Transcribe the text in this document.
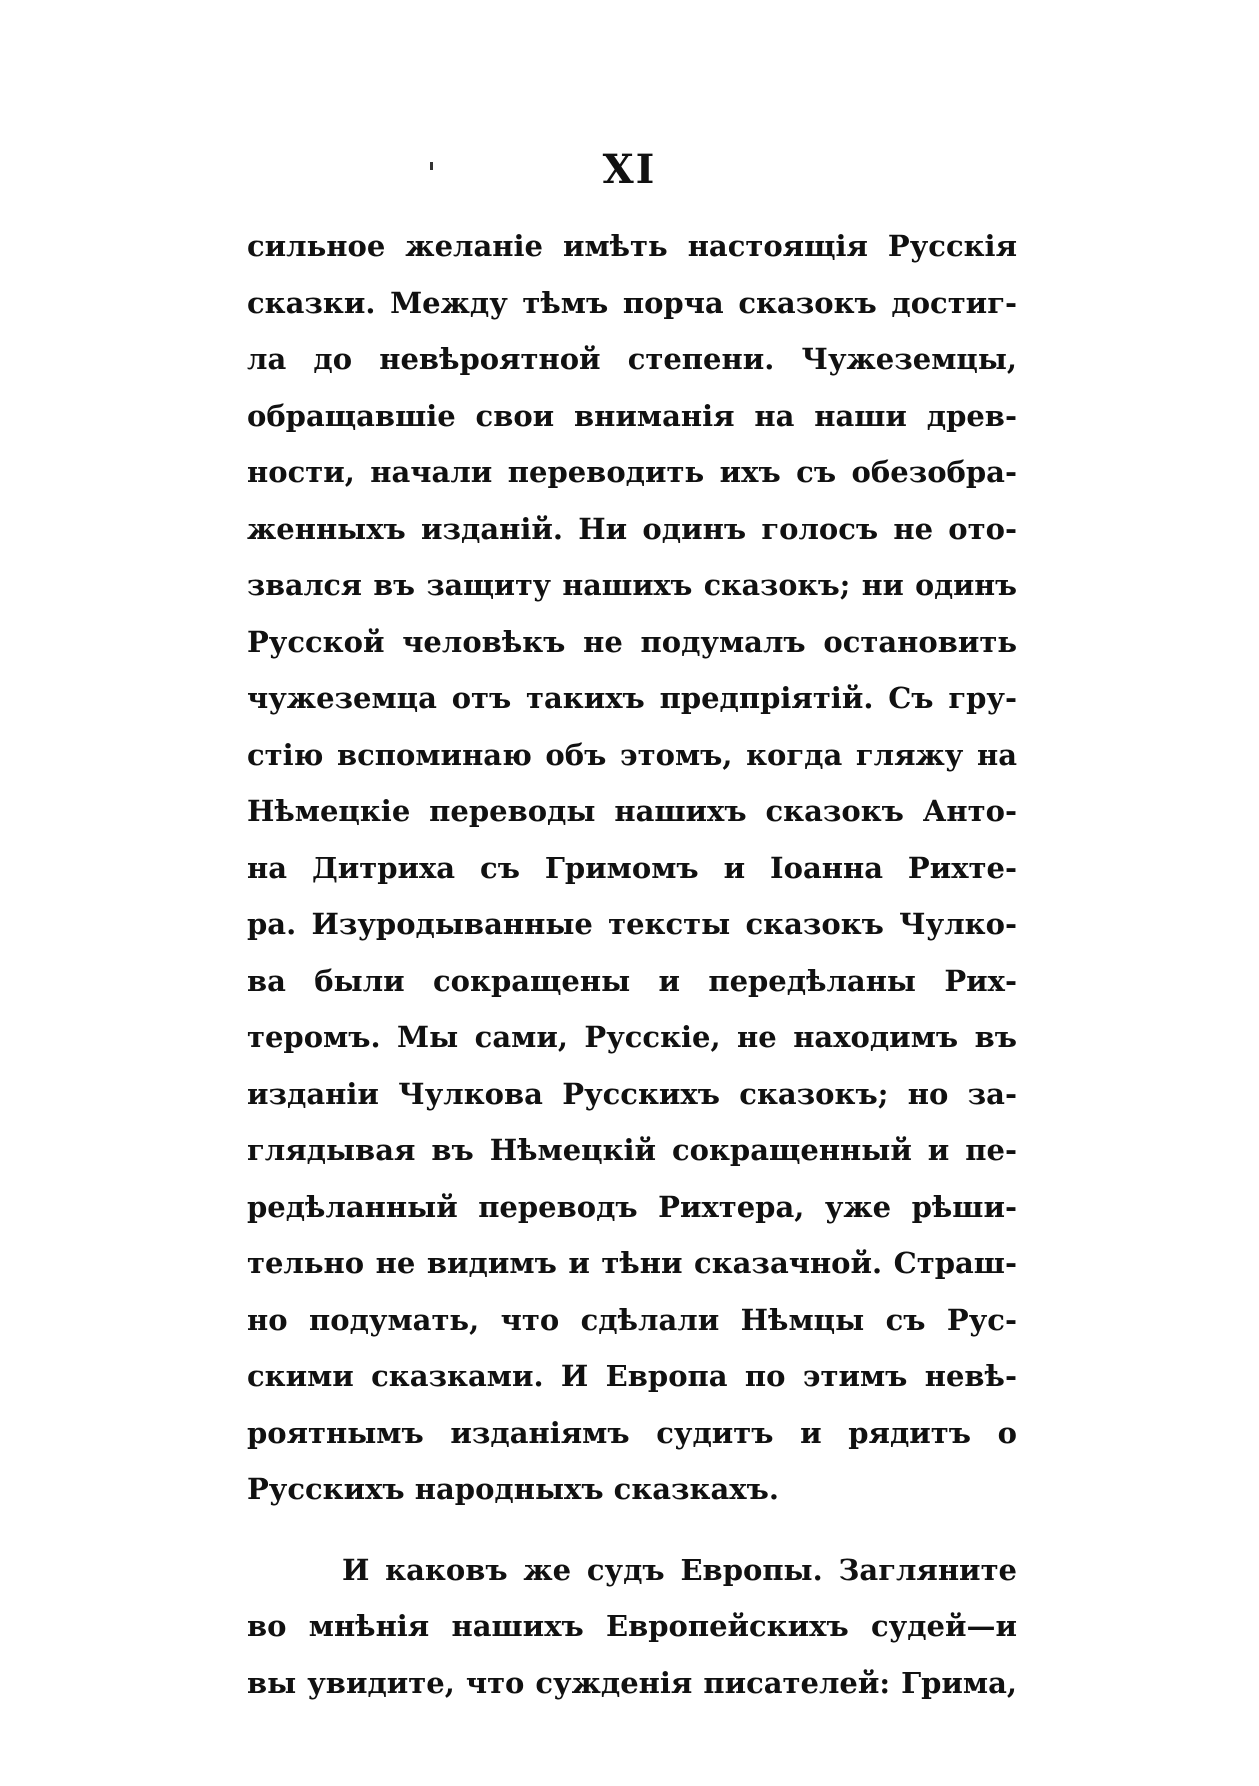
XI
сильное желаніе имѣть настоящія Русскія
сказки. Между тѣмъ порча сказокъ достиг-
ла до невѣроятной степени. Чужеземцы,
обращавшіе свои вниманія на наши древ-
ности, начали переводить ихъ съ обезобра-
женныхъ изданій. Ни одинъ голосъ не ото-
звался въ защиту нашихъ сказокъ; ни одинъ
Русской человѣкъ не подумалъ остановить
чужеземца отъ такихъ предпріятій. Съ гру-
стію вспоминаю объ этомъ, когда гляжу на
Нѣмецкіе переводы нашихъ сказокъ Анто-
на Дитриха съ Гримомъ и Іоанна Рихте-
ра. Изуродыванные тексты сказокъ Чулко-
ва были сокращены и передѣланы Рих-
теромъ. Мы сами, Русскіе, не находимъ въ
изданіи Чулкова Русскихъ сказокъ; но за-
глядывая въ Нѣмецкій сокращенный и пе-
редѣланный переводъ Рихтера, уже рѣши-
тельно не видимъ и тѣни сказачной. Страш-
но подумать, что сдѣлали Нѣмцы съ Рус-
скими сказками. И Европа по этимъ невѣ-
роятнымъ изданіямъ судитъ и рядитъ о
Русскихъ народныхъ сказкахъ.
И каковъ же судъ Европы. Загляните
во мнѣнія нашихъ Европейскихъ судей—и
вы увидите, что сужденія писателей: Грима,
